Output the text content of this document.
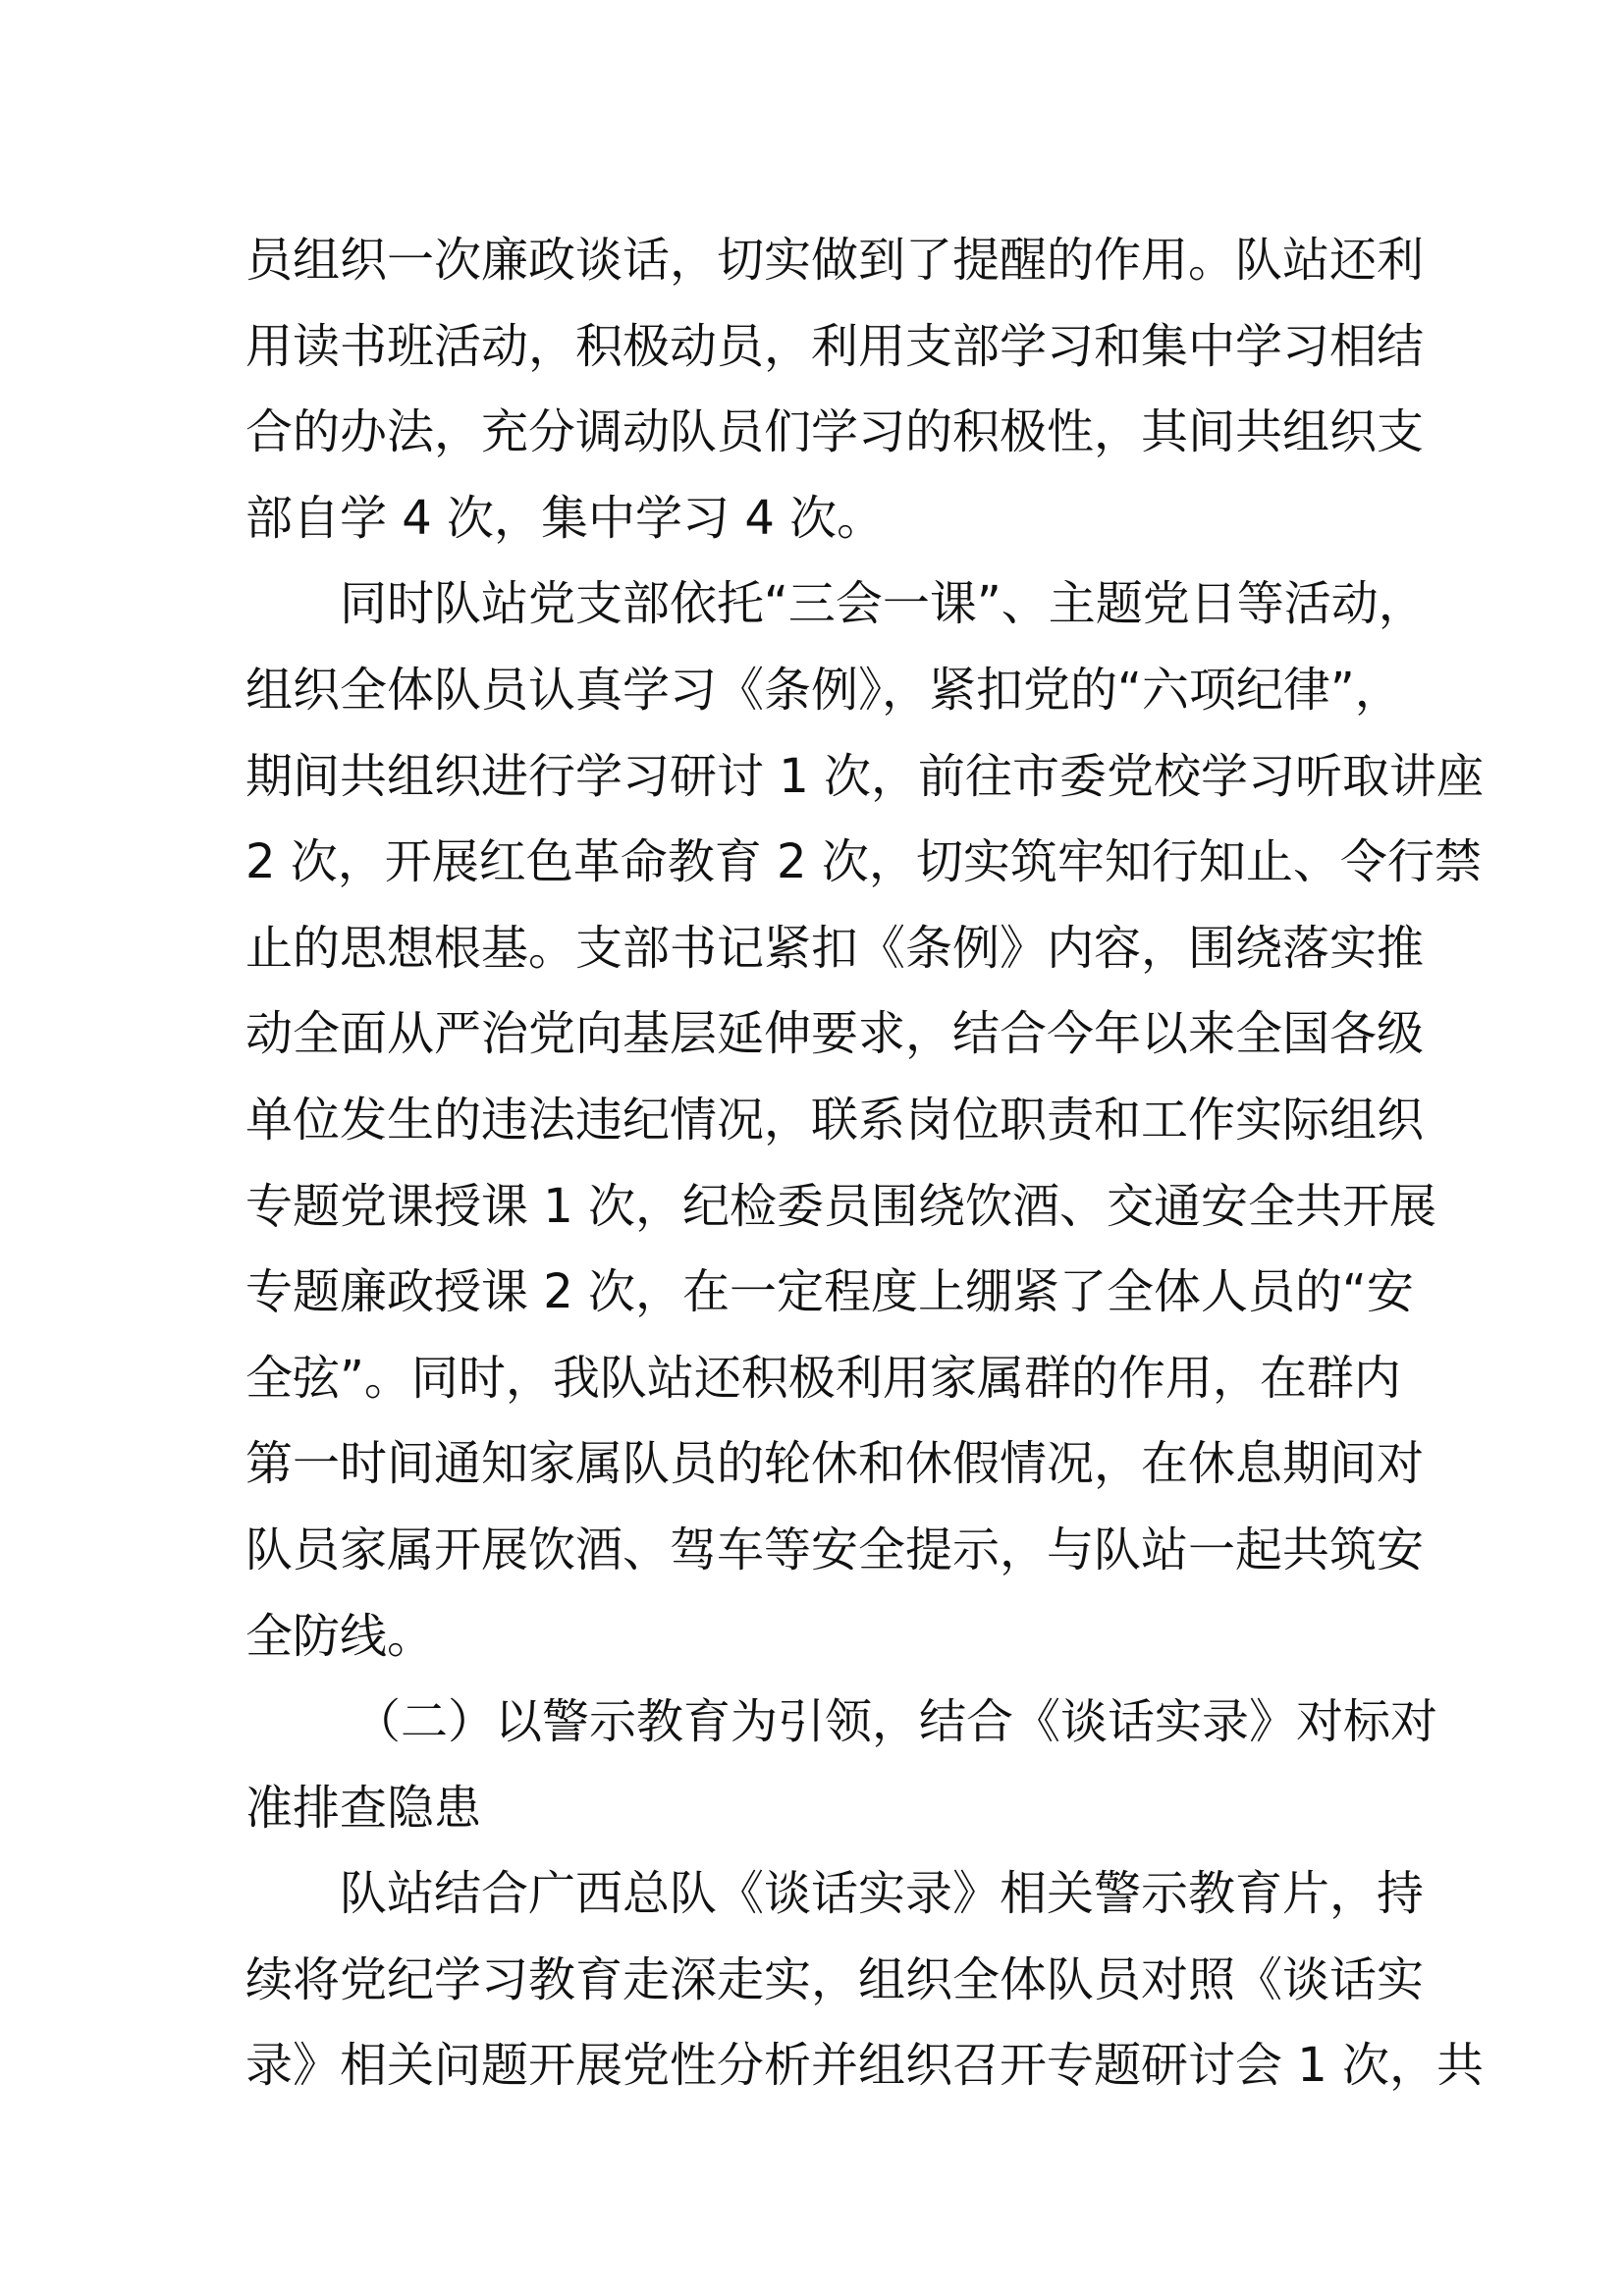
员组织一次廉政谈话，切实做到了提醒的作用。队站还利
用读书班活动，积极动员，利用支部学习和集中学习相结
合的办法，充分调动队员们学习的积极性，其间共组织支
部自学 4 次，集中学习 4 次。
同时队站党支部依托“三会一课”、主题党日等活动，
组织全体队员认真学习《条例》，紧扣党的“六项纪律”，
期间共组织进行学习研讨 1 次，前往市委党校学习听取讲座
2 次，开展红色革命教育 2 次，切实筑牢知行知止、令行禁
止的思想根基。支部书记紧扣《条例》内容，围绕落实推
动全面从严治党向基层延伸要求，结合今年以来全国各级
单位发生的违法违纪情况，联系岗位职责和工作实际组织
专题党课授课 1 次，纪检委员围绕饮酒、交通安全共开展
专题廉政授课 2 次，在一定程度上绷紧了全体人员的“安
全弦”。同时，我队站还积极利用家属群的作用，在群内
第一时间通知家属队员的轮休和休假情况，在休息期间对
队员家属开展饮酒、驾车等安全提示，与队站一起共筑安
全防线。
（二）以警示教育为引领，结合《谈话实录》对标对
准排查隐患
队站结合广西总队《谈话实录》相关警示教育片，持
续将党纪学习教育走深走实，组织全体队员对照《谈话实
录》相关问题开展党性分析并组织召开专题研讨会 1 次，共
